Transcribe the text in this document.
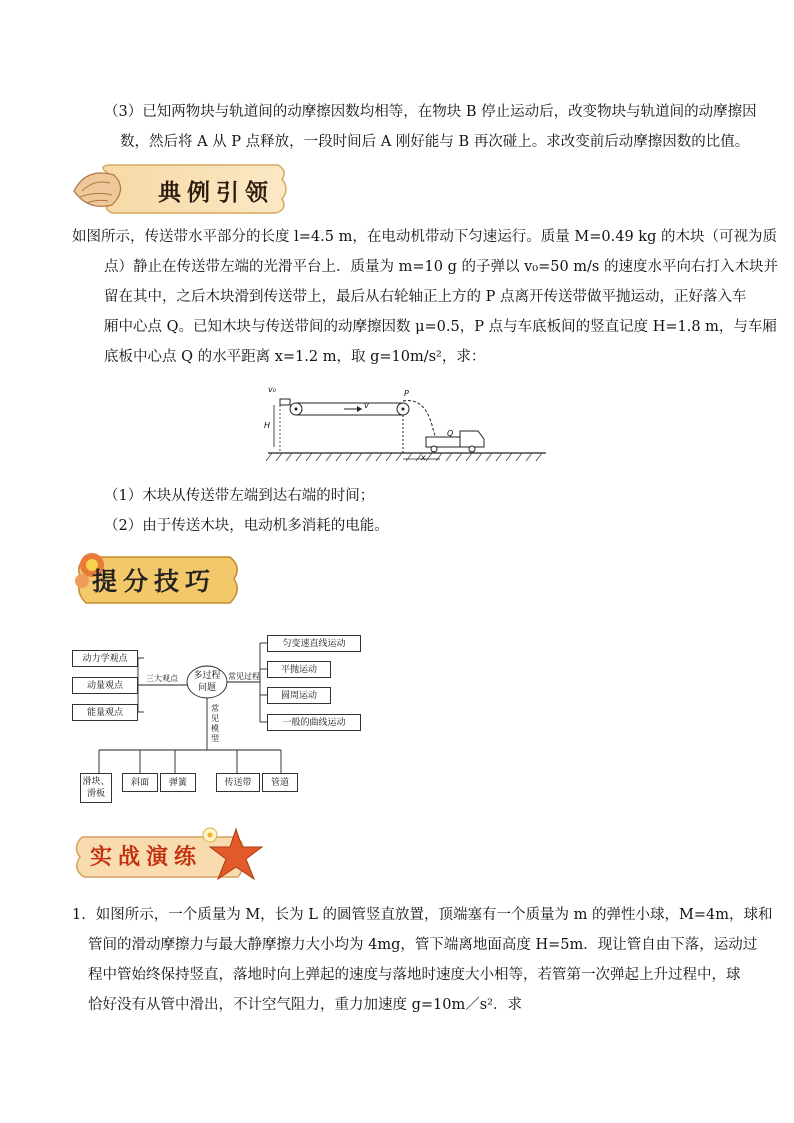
（3）已知两物块与轨道间的动摩擦因数均相等，在物块 B 停止运动后，改变物块与轨道间的动摩擦因
数，然后将 A 从 P 点释放，一段时间后 A 刚好能与 B 再次碰上。求改变前后动摩擦因数的比值。
典例引领
如图所示，传送带水平部分的长度 l=4.5 m，在电动机带动下匀速运行。质量 M=0.49 kg 的木块（可视为质
点）静止在传送带左端的光滑平台上．质量为 m=10 g 的子弹以 v₀=50 m/s 的速度水平向右打入木块并
留在其中，之后木块滑到传送带上，最后从右轮轴正上方的 P 点离开传送带做平抛运动，正好落入车
厢中心点 Q。已知木块与传送带间的动摩擦因数 μ=0.5，P 点与车底板间的竖直记度 H=1.8 m，与车厢
底板中心点 Q 的水平距离 x=1.2 m，取 g=10m/s²，求：
v₀
v
P
H
Q
x
（1）木块从传送带左端到达右端的时间；
（2）由于传送木块，电动机多消耗的电能。
提分技巧
多过程问题
三大观点	常见过程
常见模型
动力学观点
动量观点
能量观点
匀变速直线运动
平抛运动
圆周运动
一般的曲线运动
滑块、滑板
斜面	弹簧	传送带	管道
实战演练
1．如图所示，一个质量为 M，长为 L 的圆管竖直放置，顶端塞有一个质量为 m 的弹性小球，M=4m，球和
管间的滑动摩擦力与最大静摩擦力大小均为 4mg，管下端离地面高度 H=5m．现让管自由下落，运动过
程中管始终保持竖直，落地时向上弹起的速度与落地时速度大小相等，若管第一次弹起上升过程中，球
恰好没有从管中滑出，不计空气阻力，重力加速度 g=10m／s²．求
